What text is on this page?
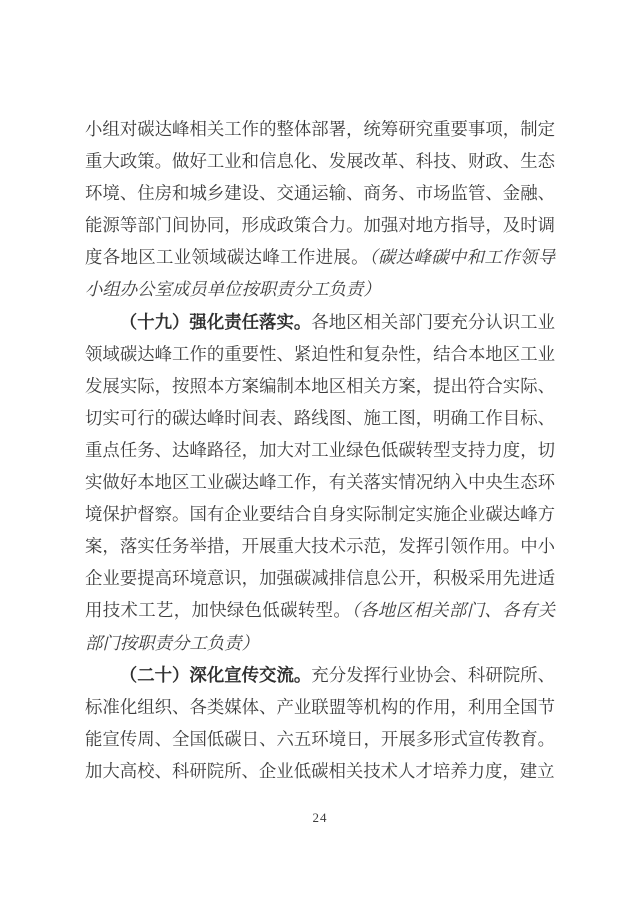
小组对碳达峰相关工作的整体部署，统筹研究重要事项，制定重大政策。做好工业和信息化、发展改革、科技、财政、生态环境、住房和城乡建设、交通运输、商务、市场监管、金融、能源等部门间协同，形成政策合力。加强对地方指导，及时调度各地区工业领域碳达峰工作进展。（碳达峰碳中和工作领导小组办公室成员单位按职责分工负责）

（十九）强化责任落实。各地区相关部门要充分认识工业领域碳达峰工作的重要性、紧迫性和复杂性，结合本地区工业发展实际，按照本方案编制本地区相关方案，提出符合实际、切实可行的碳达峰时间表、路线图、施工图，明确工作目标、重点任务、达峰路径，加大对工业绿色低碳转型支持力度，切实做好本地区工业碳达峰工作，有关落实情况纳入中央生态环境保护督察。国有企业要结合自身实际制定实施企业碳达峰方案，落实任务举措，开展重大技术示范，发挥引领作用。中小企业要提高环境意识，加强碳减排信息公开，积极采用先进适用技术工艺，加快绿色低碳转型。（各地区相关部门、各有关部门按职责分工负责）

（二十）深化宣传交流。充分发挥行业协会、科研院所、标准化组织、各类媒体、产业联盟等机构的作用，利用全国节能宣传周、全国低碳日、六五环境日，开展多形式宣传教育。加大高校、科研院所、企业低碳相关技术人才培养力度，建立

24
